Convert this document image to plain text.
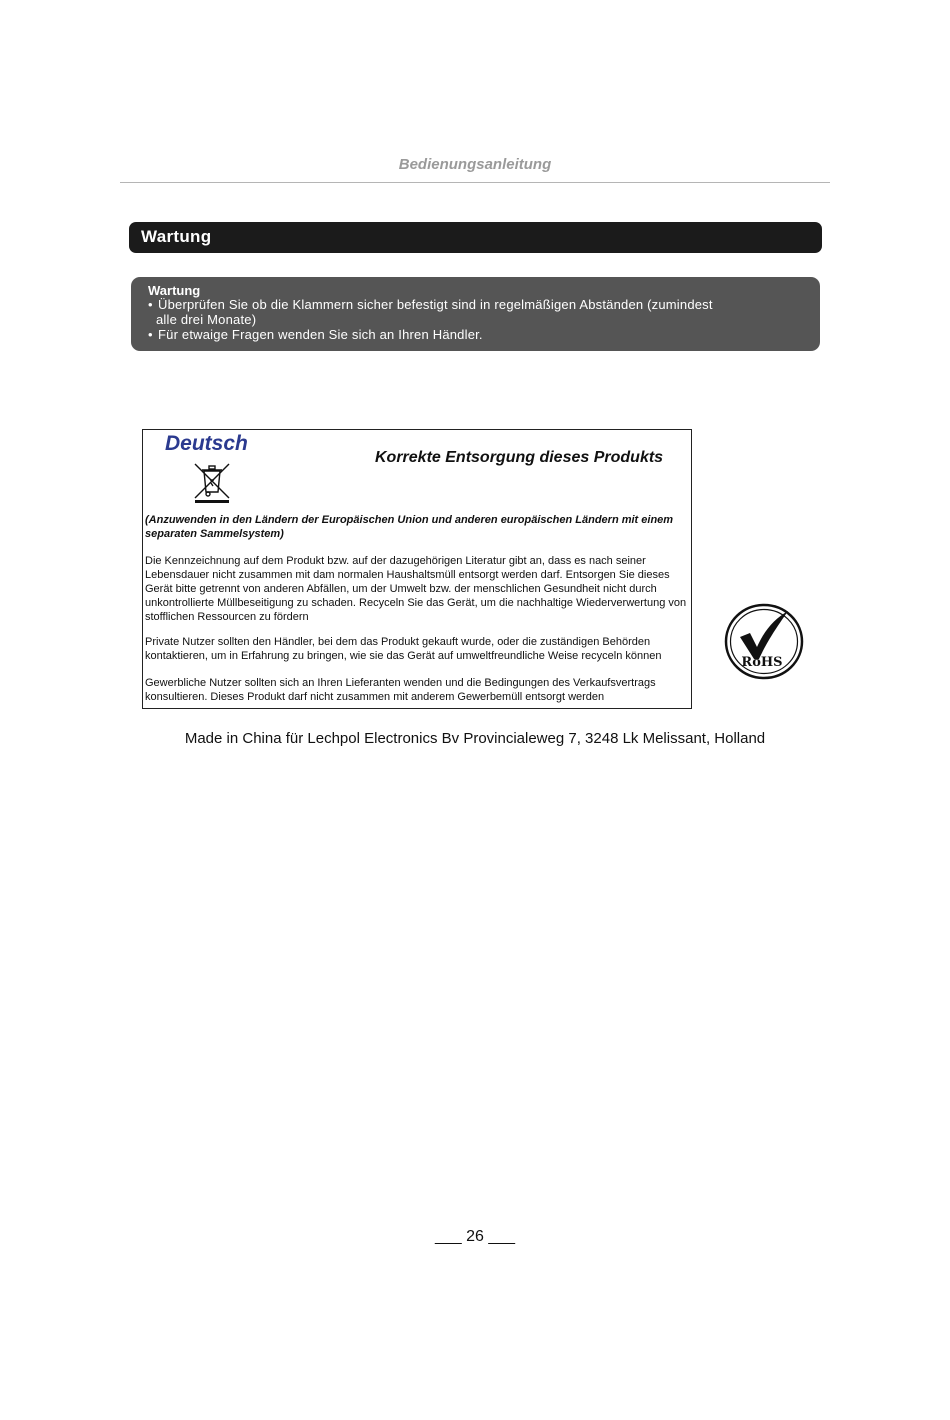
Bedienungsanleitung
Wartung
Wartung
• Überprüfen Sie ob die Klammern sicher befestigt sind in regelmäßigen Abständen (zumindest
alle drei Monate)
• Für etwaige Fragen wenden Sie sich an Ihren Händler.
Deutsch
Korrekte Entsorgung dieses Produkts
(Anzuwenden in den Ländern der Europäischen Union und anderen europäischen Ländern mit einem separaten Sammelsystem)
Die Kennzeichnung auf dem Produkt bzw. auf der dazugehörigen Literatur gibt an, dass es nach seiner Lebensdauer nicht zusammen mit dam normalen Haushaltsmüll entsorgt werden darf. Entsorgen Sie dieses Gerät bitte getrennt von anderen Abfällen, um der Umwelt bzw. der menschlichen Gesundheit nicht durch unkontrollierte Müllbeseitigung zu schaden. Recyceln Sie das Gerät, um die nachhaltige Wiederverwertung von stofflichen Ressourcen zu fördern
Private Nutzer sollten den Händler, bei dem das Produkt gekauft wurde, oder die zuständigen Behörden kontaktieren, um in Erfahrung zu bringen, wie sie das Gerät auf umweltfreundliche Weise recyceln können
Gewerbliche Nutzer sollten sich an Ihren Lieferanten wenden und die Bedingungen des Verkaufsvertrags konsultieren. Dieses Produkt darf nicht zusammen mit anderem Gewerbemüll entsorgt werden
RoHS
Made in China für Lechpol Electronics Bv Provincialeweg 7, 3248 Lk Melissant, Holland
___ 26 ___
